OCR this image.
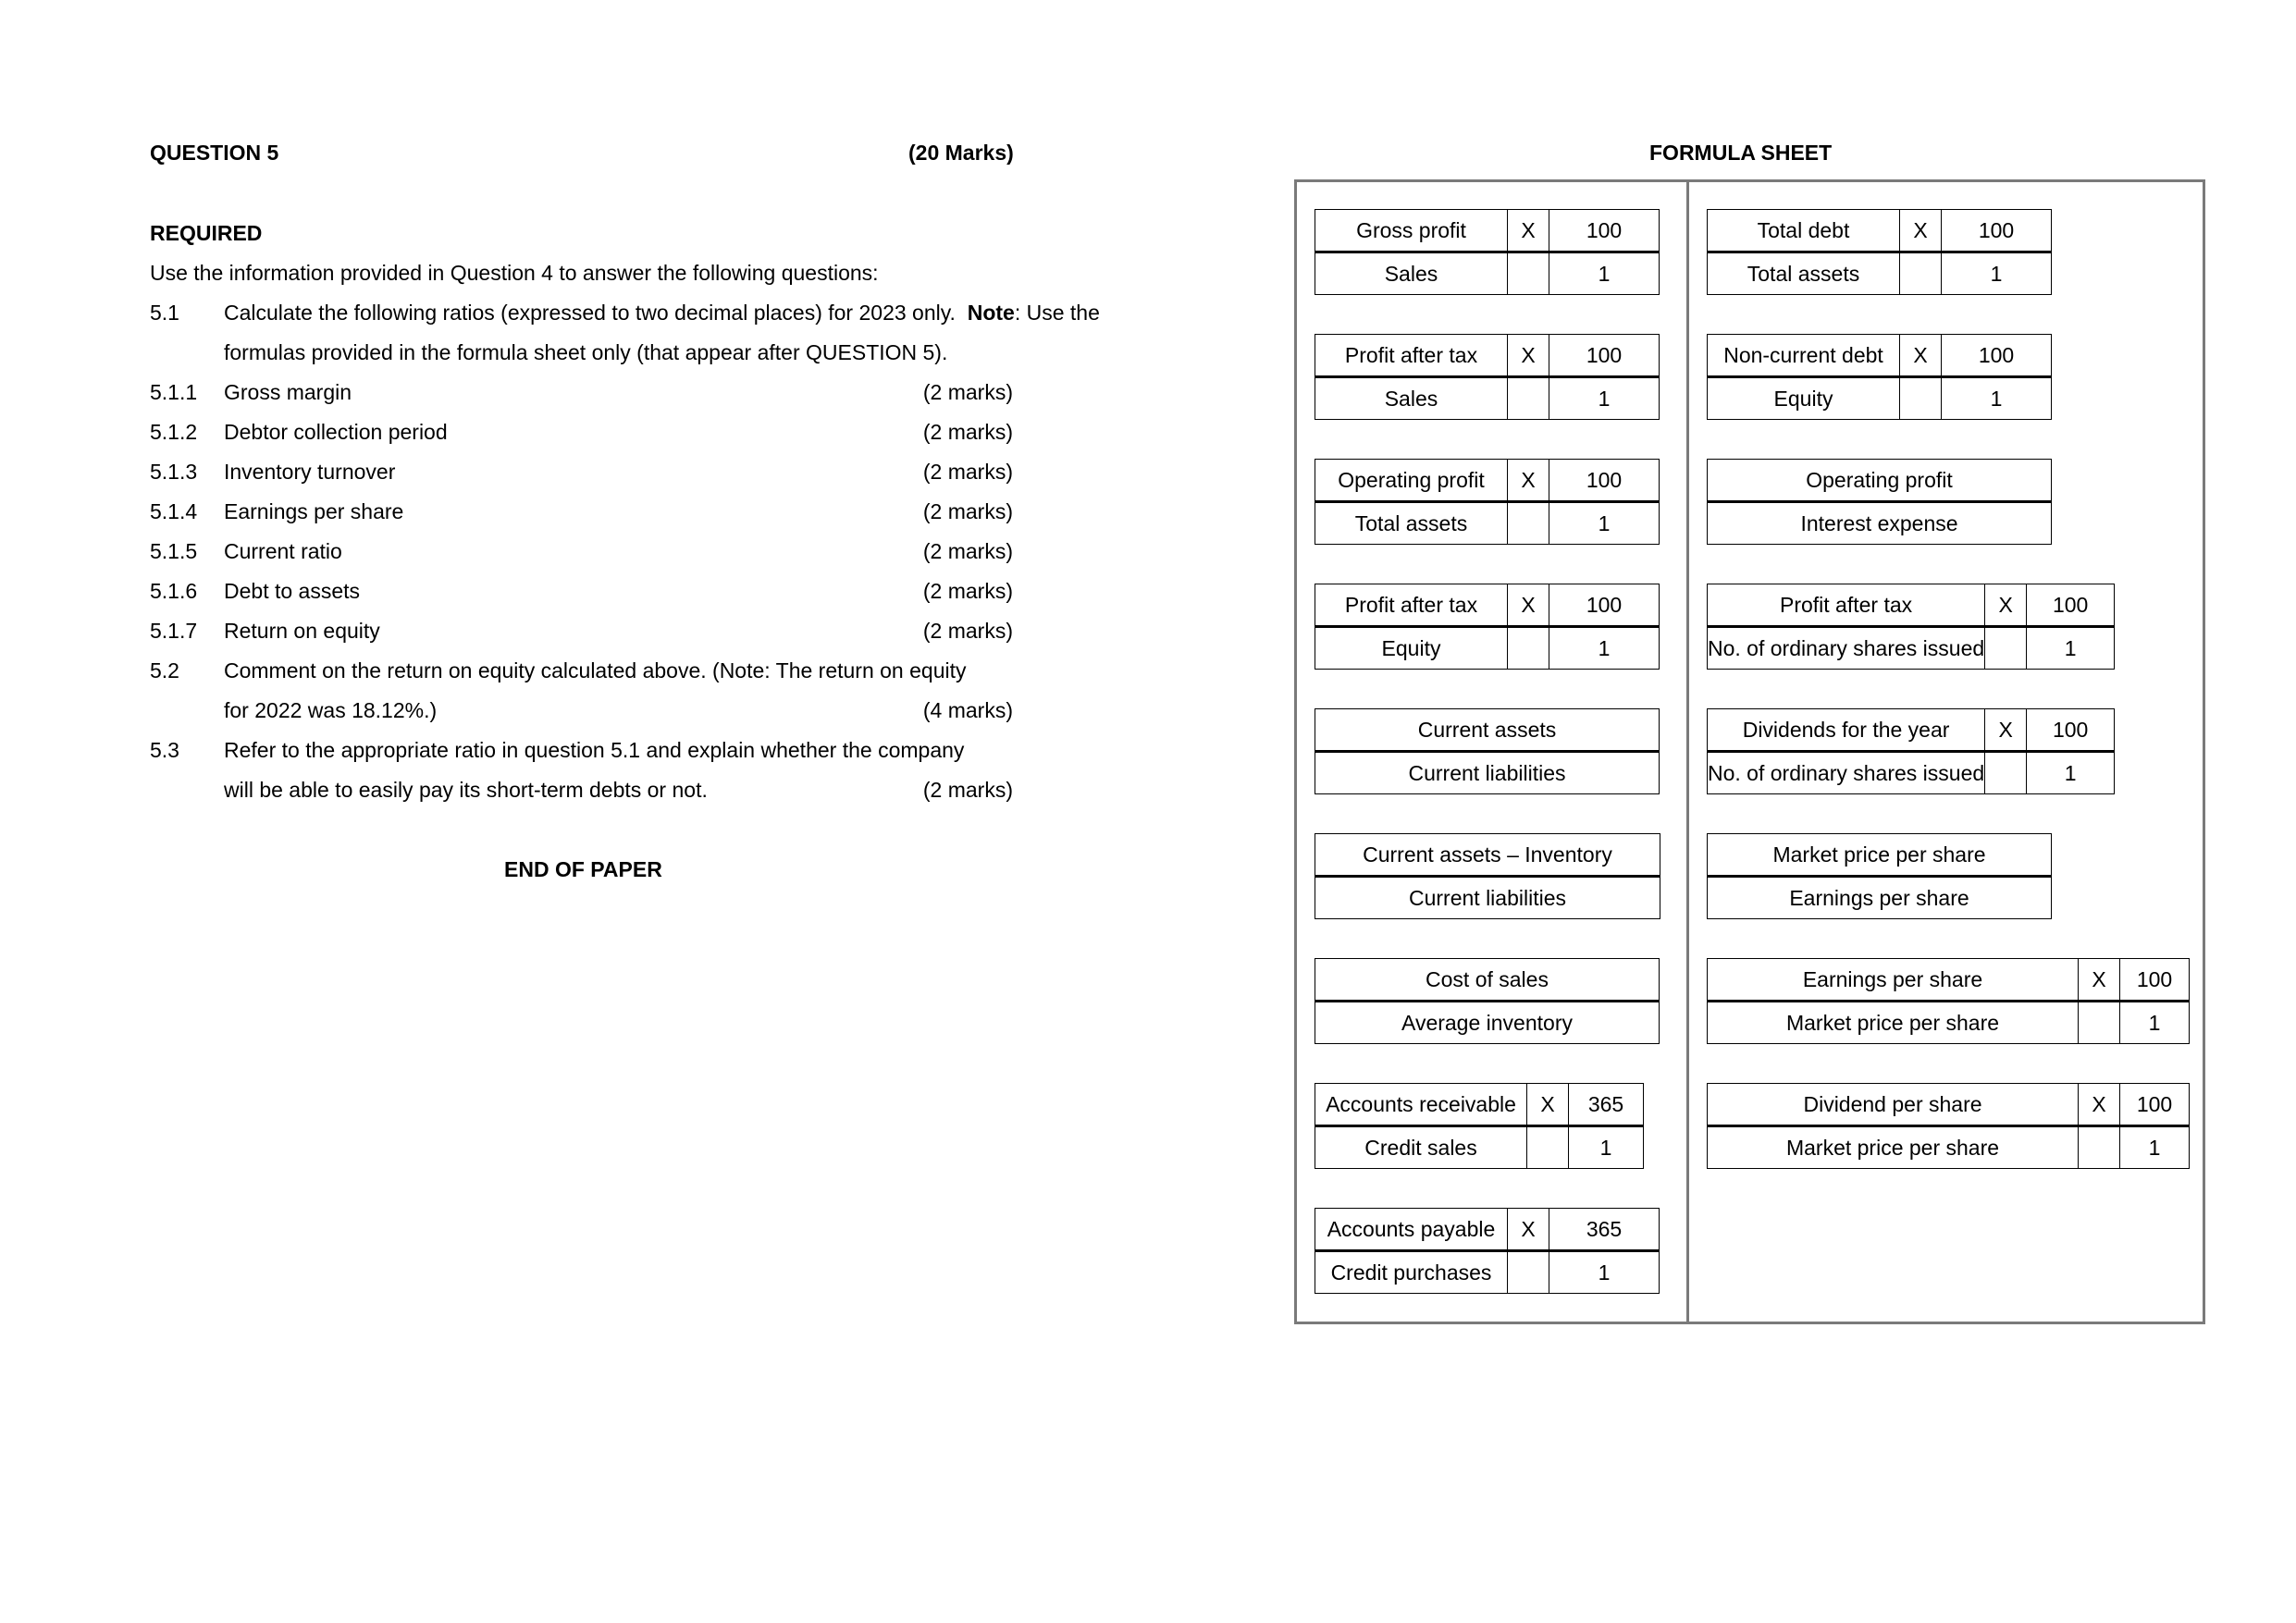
QUESTION 5	(20 Marks)
REQUIRED
Use the information provided in Question 4 to answer the following questions:
5.1 Calculate the following ratios (expressed to two decimal places) for 2023 only. Note: Use the
formulas provided in the formula sheet only (that appear after QUESTION 5).
5.1.1 Gross margin	(2 marks)
5.1.2 Debtor collection period	(2 marks)
5.1.3 Inventory turnover	(2 marks)
5.1.4 Earnings per share	(2 marks)
5.1.5 Current ratio	(2 marks)
5.1.6 Debt to assets	(2 marks)
5.1.7 Return on equity	(2 marks)
5.2 Comment on the return on equity calculated above. (Note: The return on equity
for 2022 was 18.12%.)	(4 marks)
5.3 Refer to the appropriate ratio in question 5.1 and explain whether the company
will be able to easily pay its short-term debts or not.	(2 marks)
END OF PAPER
FORMULA SHEET
Gross profit	X	100
Sales		1
Profit after tax	X	100
Sales		1
Operating profit	X	100
Total assets		1
Profit after tax	X	100
Equity		1
Current assets
Current liabilities
Current assets – Inventory
Current liabilities
Cost of sales
Average inventory
Accounts receivable	X	365
Credit sales		1
Accounts payable	X	365
Credit purchases		1
Total debt	X	100
Total assets		1
Non-current debt	X	100
Equity		1
Operating profit
Interest expense
Profit after tax	X	100
No. of ordinary shares issued		1
Dividends for the year	X	100
No. of ordinary shares issued		1
Market price per share
Earnings per share
Earnings per share	X	100
Market price per share		1
Dividend per share	X	100
Market price per share		1
